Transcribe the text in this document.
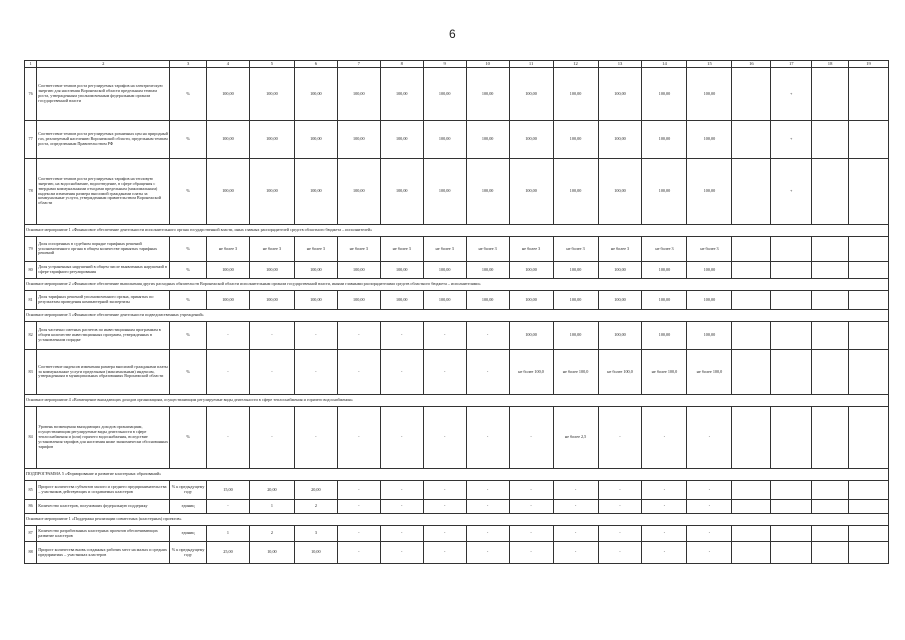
6
1	2	3	4	5	6	7	8	9	10	11	12	13	14	15	16	17	18	19
76	Соответствие темпов роста регулируемых тарифов на электрическую энергию для населения Воронежской области предельным темпам роста, утвержденным уполномоченным федеральным органом государственной власти	%	100,00	100,00	100,00	100,00	100,00	100,00	100,00	100,00	100,00	100,00	100,00	100,00		+		
77	Соответствие темпов роста регулируемых розничных цен на природный газ, реализуемый населению Воронежской области, предельным темпам роста, определенным Правительством РФ	%	100,00	100,00	100,00	100,00	100,00	100,00	100,00	100,00	100,00	100,00	100,00	100,00		+		
78	Соответствие темпов роста регулируемых тарифов на тепловую энергию, на водоснабжение, водоотведение, в сфере обращения с твердыми коммунальными отходами предельным (максимальным) индексам изменения размера вносимой гражданами платы за коммунальные услуги, утвержденным правительством Воронежской области	%	100,00	100,00	100,00	100,00	100,00	100,00	100,00	100,00	100,00	100,00	100,00	100,00		+		
Основное мероприятие 1 «Финансовое обеспечение деятельности исполнительного органа государственной власти, иных главных распорядителей средств областного бюджета – исполнителей»																		
79	Доля оспоренных в судебном порядке тарифных решений уполномоченного органа в общем количестве принятых тарифных решений	%	не более 3	не более 3	не более 3	не более 3	не более 3	не более 3	не более 3	не более 3	не более 3	не более 3	не более 3	не более 3				
80	Доля устраненных нарушений в общем числе выявленных нарушений в сфере тарифного регулирования	%	100,00	100,00	100,00	100,00	100,00	100,00	100,00	100,00	100,00	100,00	100,00	100,00				
Основное мероприятие 2 «Финансовое обеспечение выполнения других расходных обязательств Воронежской области исполнительным органом государственной власти, иными главными распорядителями средств областного бюджета – исполнителями»																		
81	Доля тарифных решений уполномоченного органа, принятых по результатам проведения компьютерной экспертизы	%	100,00	100,00	100,00	100,00	100,00	100,00	100,00	100,00	100,00	100,00	100,00	100,00				
Основное мероприятие 3 «Финансовое обеспечение деятельности подведомственных учреждений»																		
82	Доля частично сметных расчетов по инвестиционным программам в общем количестве инвестиционных программ, утвержденных в установленном порядке	%	-	-	-	-	-	-	-	100,00	100,00	100,00	100,00	100,00				
83	Соответствие индексов изменения размера вносимой гражданами платы за коммунальные услуги предельным (максимальным) индексам, утвержденным в муниципальных образованиях Воронежской области	%	-	-	-	-	-	-	-	не более 100,0	не более 100,0	не более 100,0	не более 100,0	не более 100,0				
Основное мероприятие 4 «Возмещение выпадающих доходов организациям, осуществляющим регулируемые виды деятельности в сфере теплоснабжения и горячего водоснабжения»																		
84	Уровень возмещения выпадающих доходов организациям, осуществляющим регулируемые виды деятельности в сфере теплоснабжения и (или) горячего водоснабжения, вследствие установления тарифов для населения ниже экономически обоснованных тарифов	%	-	-	-	-	-	-	-	-	не более 2,5	-	-	-				
ПОДПРОГРАММА 5 «Формирование и развитие кластерных образований»																		
85	Прирост количества субъектов малого и среднего предпринимательства – участников действующих и создаваемых кластеров	% к предыдущему году	15,00	20,00	20,00	-	-	-	-	-	-	-	-	-				
86	Количество кластеров, получивших федеральную поддержку	единиц	-	1	2	-	-	-	-	-	-	-	-	-				
Основное мероприятие 1 «Поддержка реализации совместных (кластерных) проектов»																		
87	Количество разработанных кластерных проектов обеспечивающих развитие кластеров	единиц	1	2	3	-	-	-	-	-	-	-	-	-				
88	Прирост количества вновь созданных рабочих мест на малых и средних предприятиях – участниках кластеров	% к предыдущему году	25,00	10,00	10,00	-	-	-	-	-	-	-	-	-				
